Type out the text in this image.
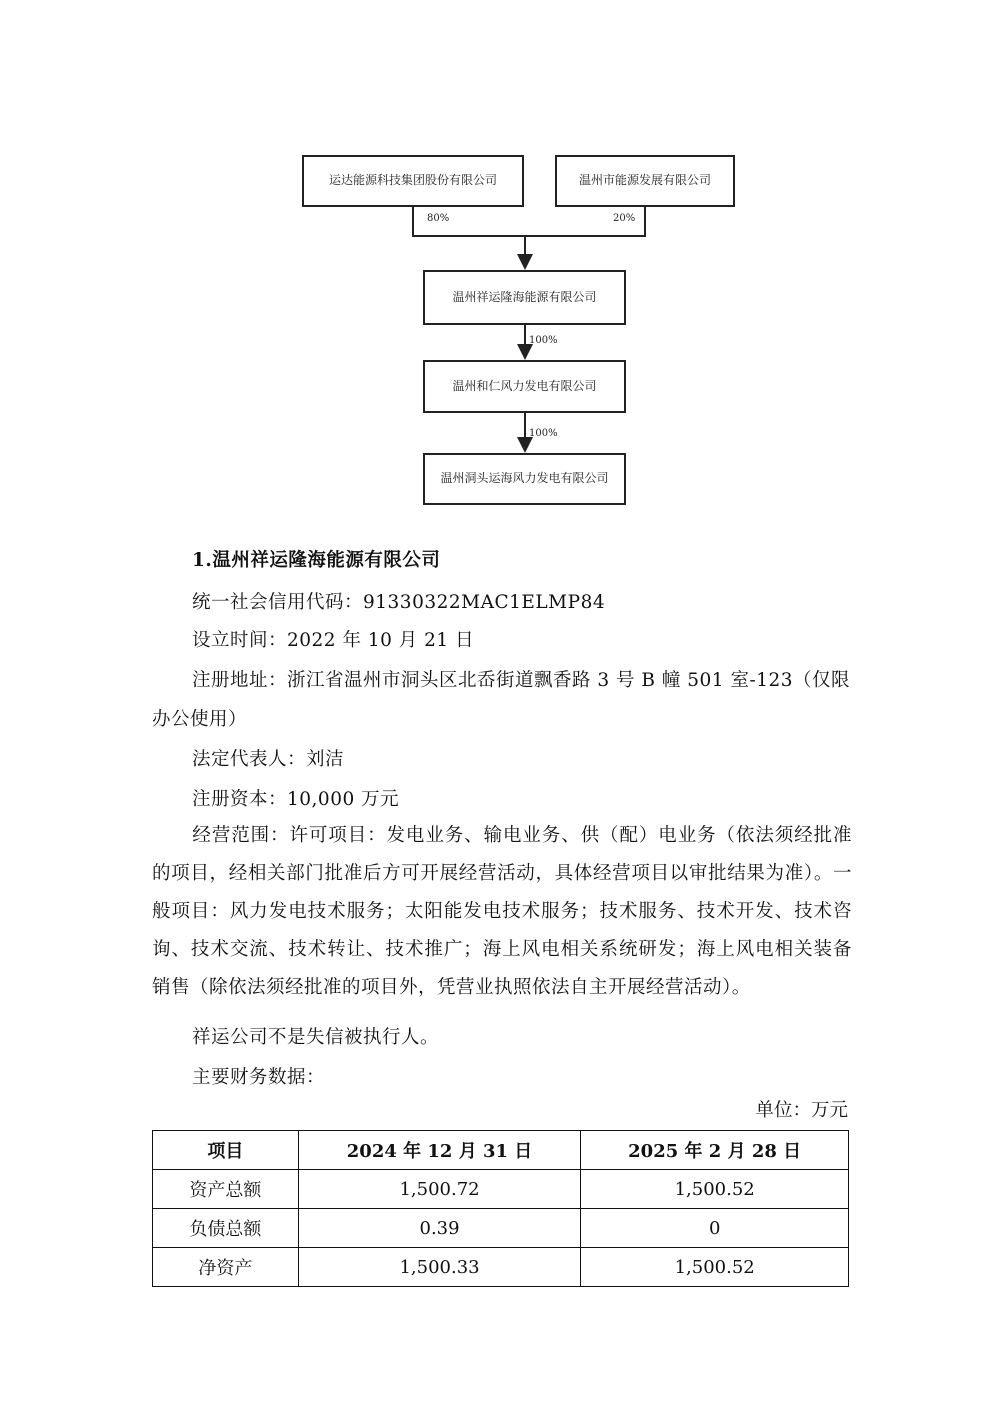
运达能源科技集团股份有限公司	温州市能源发展有限公司
80%	20%
温州祥运隆海能源有限公司
100%
温州和仁风力发电有限公司
100%
温州洞头运海风力发电有限公司
1.温州祥运隆海能源有限公司
统一社会信用代码：91330322MAC1ELMP84
设立时间：2022 年 10 月 21 日
注册地址：浙江省温州市洞头区北岙街道飘香路 3 号 B 幢 501 室-123（仅限
办公使用）
法定代表人：刘洁
注册资本：10,000 万元
经营范围：许可项目：发电业务、输电业务、供（配）电业务（依法须经批准的项目，经相关部门批准后方可开展经营活动，具体经营项目以审批结果为准）。一般项目：风力发电技术服务；太阳能发电技术服务；技术服务、技术开发、技术咨询、技术交流、技术转让、技术推广；海上风电相关系统研发；海上风电相关装备销售（除依法须经批准的项目外，凭营业执照依法自主开展经营活动）。
祥运公司不是失信被执行人。
主要财务数据：
单位：万元
项目	2024 年 12 月 31 日	2025 年 2 月 28 日
资产总额	1,500.72	1,500.52
负债总额	0.39	0
净资产	1,500.33	1,500.52
